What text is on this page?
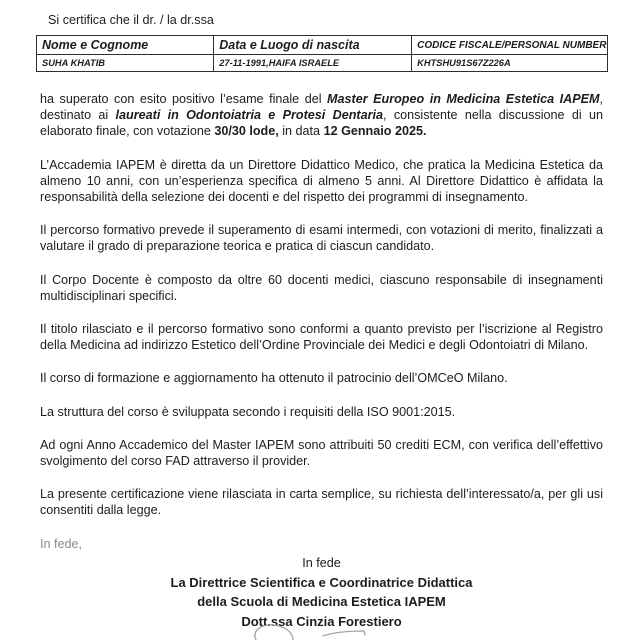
Si certifica che il dr. / la dr.ssa
Nome e Cognome	Data e Luogo di nascita	CODICE FISCALE/PERSONAL NUMBER
SUHA KHATIB	27-11-1991,HAIFA ISRAELE	KHTSHU91S67Z226A

ha superato con esito positivo l’esame finale del Master Europeo in Medicina Estetica IAPEM, destinato ai laureati in Odontoiatria e Protesi Dentaria, consistente nella discussione di un elaborato finale, con votazione 30/30 lode, in data 12 Gennaio 2025.

L’Accademia IAPEM è diretta da un Direttore Didattico Medico, che pratica la Medicina Estetica da almeno 10 anni, con un’esperienza specifica di almeno 5 anni. Al Direttore Didattico è affidata la responsabilità della selezione dei docenti e del rispetto dei programmi di insegnamento.

Il percorso formativo prevede il superamento di esami intermedi, con votazioni di merito, finalizzati a valutare il grado di preparazione teorica e pratica di ciascun candidato.

Il Corpo Docente è composto da oltre 60 docenti medici, ciascuno responsabile di insegnamenti multidisciplinari specifici.

Il titolo rilasciato e il percorso formativo sono conformi a quanto previsto per l’iscrizione al Registro della Medicina ad indirizzo Estetico dell’Ordine Provinciale dei Medici e degli Odontoiatri di Milano.

Il corso di formazione e aggiornamento ha ottenuto il patrocinio dell’OMCeO Milano.

La struttura del corso è sviluppata secondo i requisiti della ISO 9001:2015.

Ad ogni Anno Accademico del Master IAPEM sono attribuiti 50 crediti ECM, con verifica dell’effettivo svolgimento del corso FAD attraverso il provider.

La presente certificazione viene rilasciata in carta semplice, su richiesta dell’interessato/a, per gli usi consentiti dalla legge.

In fede,
In fede
La Direttrice Scientifica e Coordinatrice Didattica
della Scuola di Medicina Estetica IAPEM
Dott.ssa Cinzia Forestiero
